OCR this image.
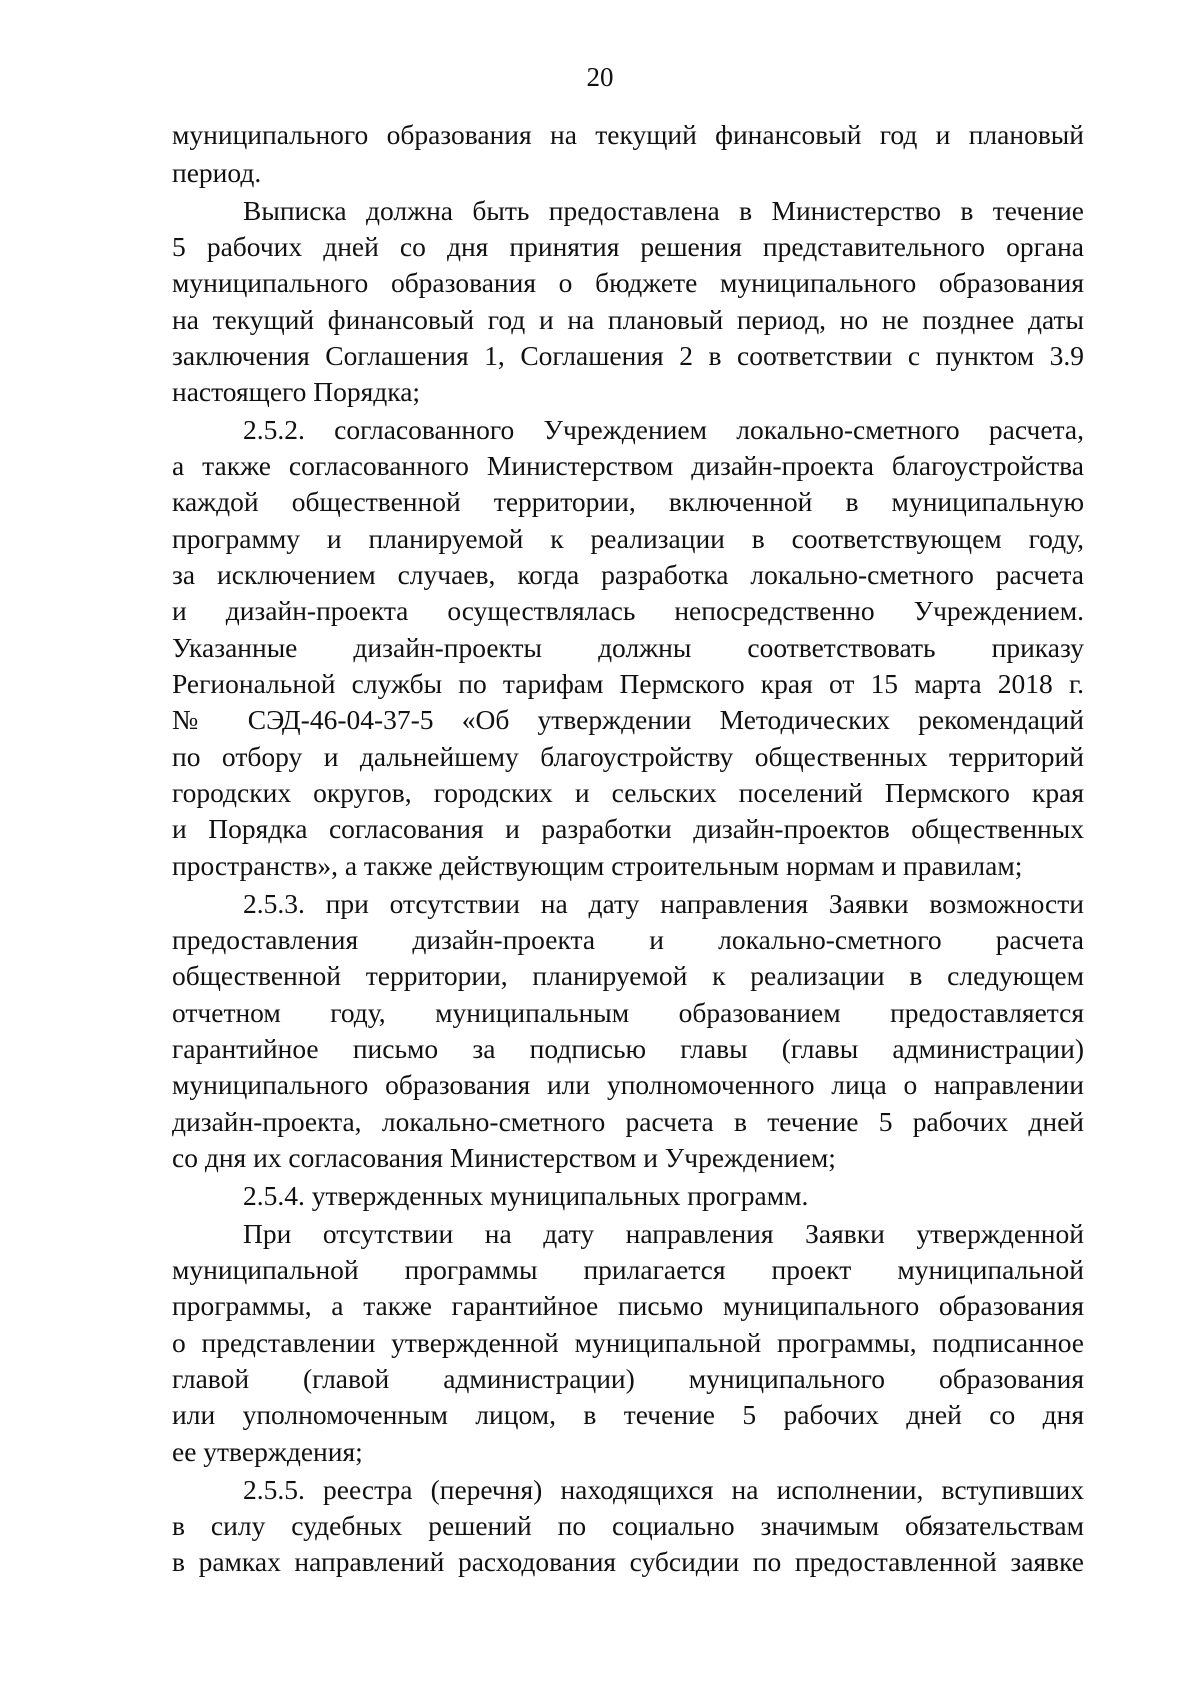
20
муниципального образования на текущий финансовый год и плановый
период.
Выписка должна быть предоставлена в Министерство в течение
5 рабочих дней со дня принятия решения представительного органа
муниципального образования о бюджете муниципального образования
на текущий финансовый год и на плановый период, но не позднее даты
заключения Соглашения 1, Соглашения 2 в соответствии с пунктом 3.9
настоящего Порядка;
2.5.2. согласованного Учреждением локально-сметного расчета,
а также согласованного Министерством дизайн-проекта благоустройства
каждой общественной территории, включенной в муниципальную
программу и планируемой к реализации в соответствующем году,
за исключением случаев, когда разработка локально-сметного расчета
и дизайн-проекта осуществлялась непосредственно Учреждением.
Указанные дизайн-проекты должны соответствовать приказу
Региональной службы по тарифам Пермского края от 15 марта 2018 г.
№ СЭД-46-04-37-5 «Об утверждении Методических рекомендаций
по отбору и дальнейшему благоустройству общественных территорий
городских округов, городских и сельских поселений Пермского края
и Порядка согласования и разработки дизайн-проектов общественных
пространств», а также действующим строительным нормам и правилам;
2.5.3. при отсутствии на дату направления Заявки возможности
предоставления дизайн-проекта и локально-сметного расчета
общественной территории, планируемой к реализации в следующем
отчетном году, муниципальным образованием предоставляется
гарантийное письмо за подписью главы (главы администрации)
муниципального образования или уполномоченного лица о направлении
дизайн-проекта, локально-сметного расчета в течение 5 рабочих дней
со дня их согласования Министерством и Учреждением;
2.5.4. утвержденных муниципальных программ.
При отсутствии на дату направления Заявки утвержденной
муниципальной программы прилагается проект муниципальной
программы, а также гарантийное письмо муниципального образования
о представлении утвержденной муниципальной программы, подписанное
главой (главой администрации) муниципального образования
или уполномоченным лицом, в течение 5 рабочих дней со дня
ее утверждения;
2.5.5. реестра (перечня) находящихся на исполнении, вступивших
в силу судебных решений по социально значимым обязательствам
в рамках направлений расходования субсидии по предоставленной заявке
